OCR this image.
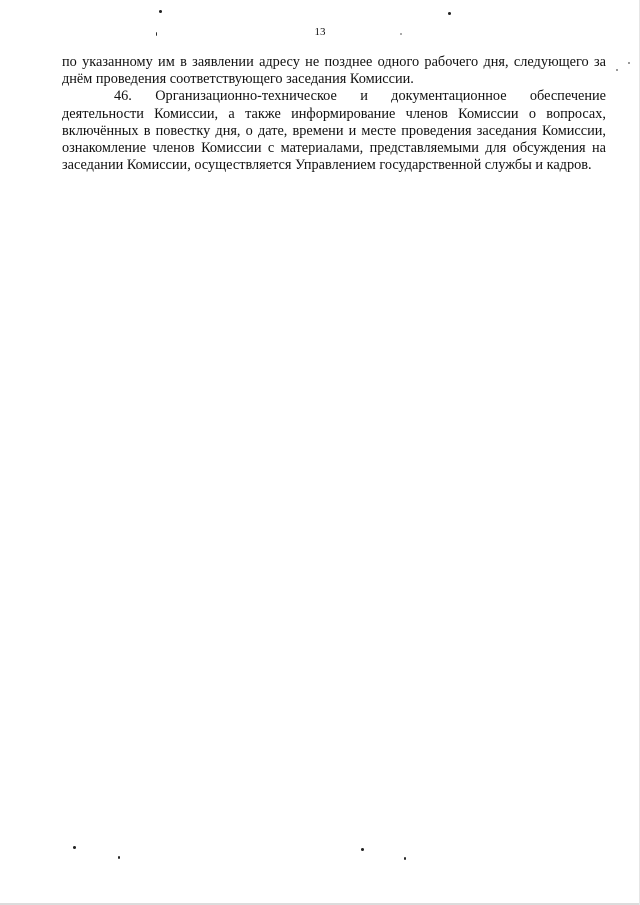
13

по указанному им в заявлении адресу не позднее одного рабочего дня, следующего за днём проведения соответствующего заседания Комиссии.

46. Организационно-техническое и документационное обеспечение деятельности Комиссии, а также информирование членов Комиссии о вопросах, включённых в повестку дня, о дате, времени и месте проведения заседания Комиссии, ознакомление членов Комиссии с материалами, представляемыми для обсуждения на заседании Комиссии, осуществляется Управлением государственной службы и кадров.
